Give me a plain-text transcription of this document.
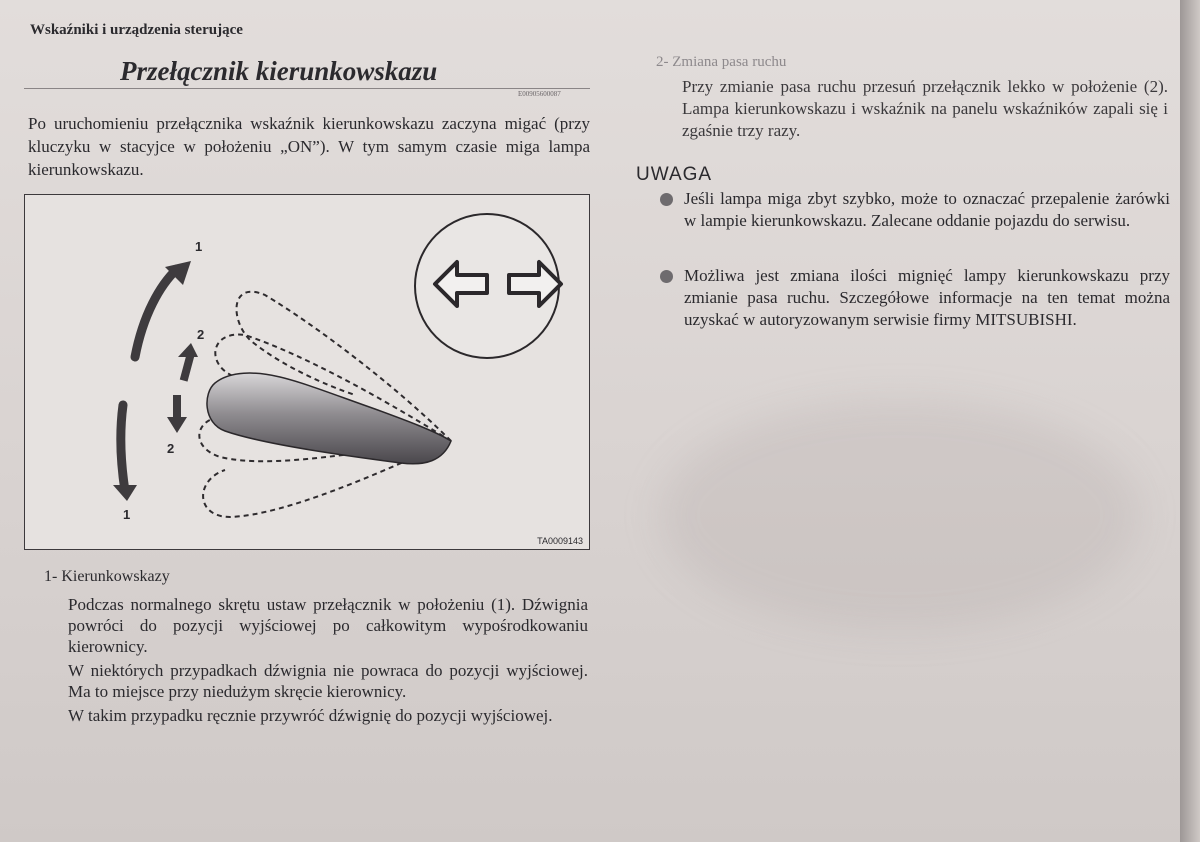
Wskaźniki i urządzenia sterujące
Przełącznik kierunkowskazu
E00905600087
Po uruchomieniu przełącznika wskaźnik kierunkowskazu zaczyna migać (przy kluczyku w stacyjce w położeniu „ON”). W tym samym czasie miga lampa kierunkowskazu.
1
2
2
1
TA0009143
1- Kierunkowskazy

Podczas normalnego skrętu ustaw przełącznik w położeniu (1). Dźwignia powróci do pozycji wyjściowej po całkowitym wypośrodkowaniu kierownicy.

W niektórych przypadkach dźwignia nie powraca do pozycji wyjściowej. Ma to miejsce przy niedużym skręcie kierownicy.

W takim przypadku ręcznie przywróć dźwignię do pozycji wyjściowej.

2- Zmiana pasa ruchu
Przy zmianie pasa ruchu przesuń przełącznik lekko w położenie (2). Lampa kierunkowskazu i wskaźnik na panelu wskaźników zapali się i zgaśnie trzy razy.
UWAGA
Jeśli lampa miga zbyt szybko, może to oznaczać przepalenie żarówki w lampie kierunkowskazu. Zalecane oddanie pojazdu do serwisu.
Możliwa jest zmiana ilości mignięć lampy kierunkowskazu przy zmianie pasa ruchu. Szczegółowe informacje na ten temat można uzyskać w autoryzowanym serwisie firmy MITSUBISHI.
